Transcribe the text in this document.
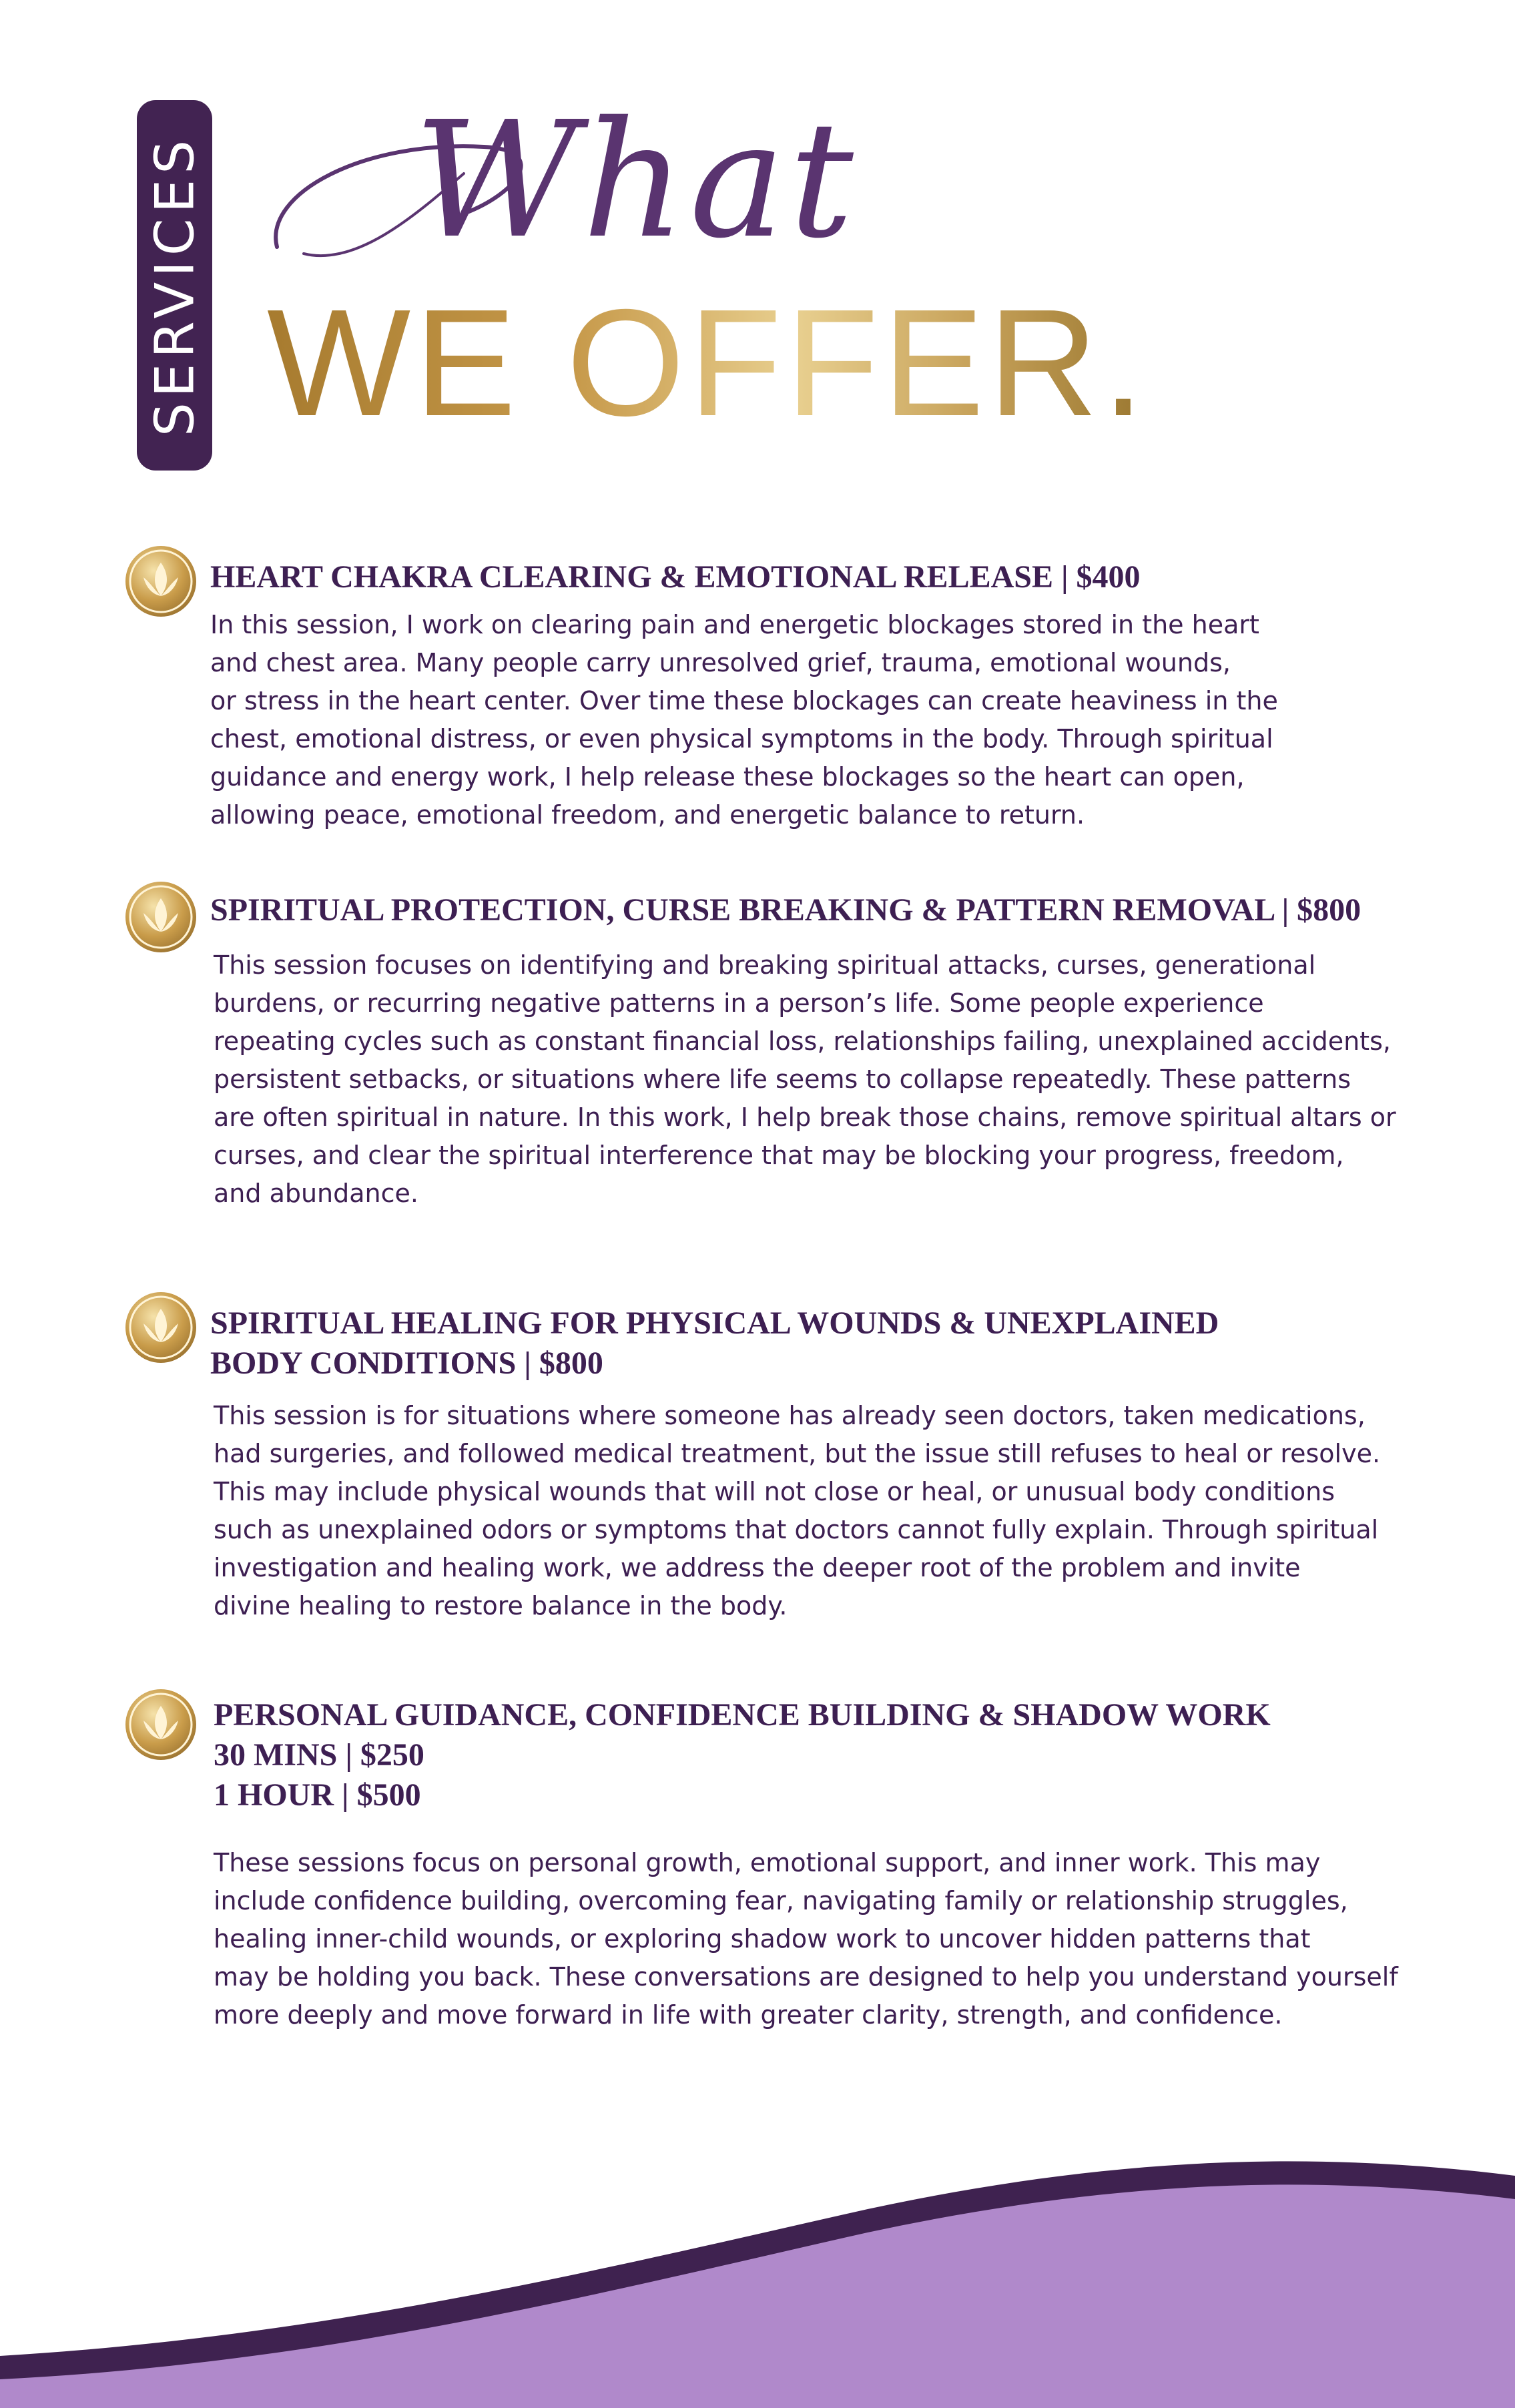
SERVICES What
WE OFFER.
HEART CHAKRA CLEARING & EMOTIONAL RELEASE | $400
In this session, I work on clearing pain and energetic blockages stored in the heart
and chest area. Many people carry unresolved grief, trauma, emotional wounds,
or stress in the heart center. Over time these blockages can create heaviness in the
chest, emotional distress, or even physical symptoms in the body. Through spiritual
guidance and energy work, I help release these blockages so the heart can open,
allowing peace, emotional freedom, and energetic balance to return.
SPIRITUAL PROTECTION, CURSE BREAKING & PATTERN REMOVAL | $800
This session focuses on identifying and breaking spiritual attacks, curses, generational
burdens, or recurring negative patterns in a person’s life. Some people experience
repeating cycles such as constant financial loss, relationships failing, unexplained accidents,
persistent setbacks, or situations where life seems to collapse repeatedly. These patterns
are often spiritual in nature. In this work, I help break those chains, remove spiritual altars or
curses, and clear the spiritual interference that may be blocking your progress, freedom,
and abundance.
SPIRITUAL HEALING FOR PHYSICAL WOUNDS & UNEXPLAINED
BODY CONDITIONS | $800
This session is for situations where someone has already seen doctors, taken medications,
had surgeries, and followed medical treatment, but the issue still refuses to heal or resolve.
This may include physical wounds that will not close or heal, or unusual body conditions
such as unexplained odors or symptoms that doctors cannot fully explain. Through spiritual
investigation and healing work, we address the deeper root of the problem and invite
divine healing to restore balance in the body.
PERSONAL GUIDANCE, CONFIDENCE BUILDING & SHADOW WORK
30 MINS | $250
1 HOUR | $500
These sessions focus on personal growth, emotional support, and inner work. This may
include confidence building, overcoming fear, navigating family or relationship struggles,
healing inner-child wounds, or exploring shadow work to uncover hidden patterns that
may be holding you back. These conversations are designed to help you understand yourself
more deeply and move forward in life with greater clarity, strength, and confidence.
